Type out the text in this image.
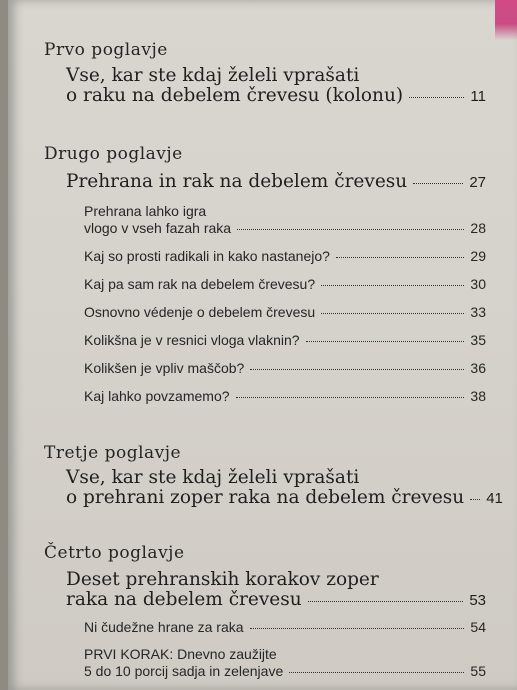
Prvo poglavje
Vse, kar ste kdaj želeli vprašati
o raku na debelem črevesu (kolonu)	11
Drugo poglavje
Prehrana in rak na debelem črevesu	27
Prehrana lahko igra
vlogo v vseh fazah raka	28
Kaj so prosti radikali in kako nastanejo?	29
Kaj pa sam rak na debelem črevesu?	30
Osnovno védenje o debelem črevesu	33
Kolikšna je v resnici vloga vlaknin?	35
Kolikšen je vpliv maščob?	36
Kaj lahko povzamemo?	38
Tretje poglavje
Vse, kar ste kdaj želeli vprašati
o prehrani zoper raka na debelem črevesu 41
Četrto poglavje
Deset prehranskih korakov zoper
raka na debelem črevesu	53
Ni čudežne hrane za raka	54
PRVI KORAK: Dnevno zaužijte
5 do 10 porcij sadja in zelenjave	55
